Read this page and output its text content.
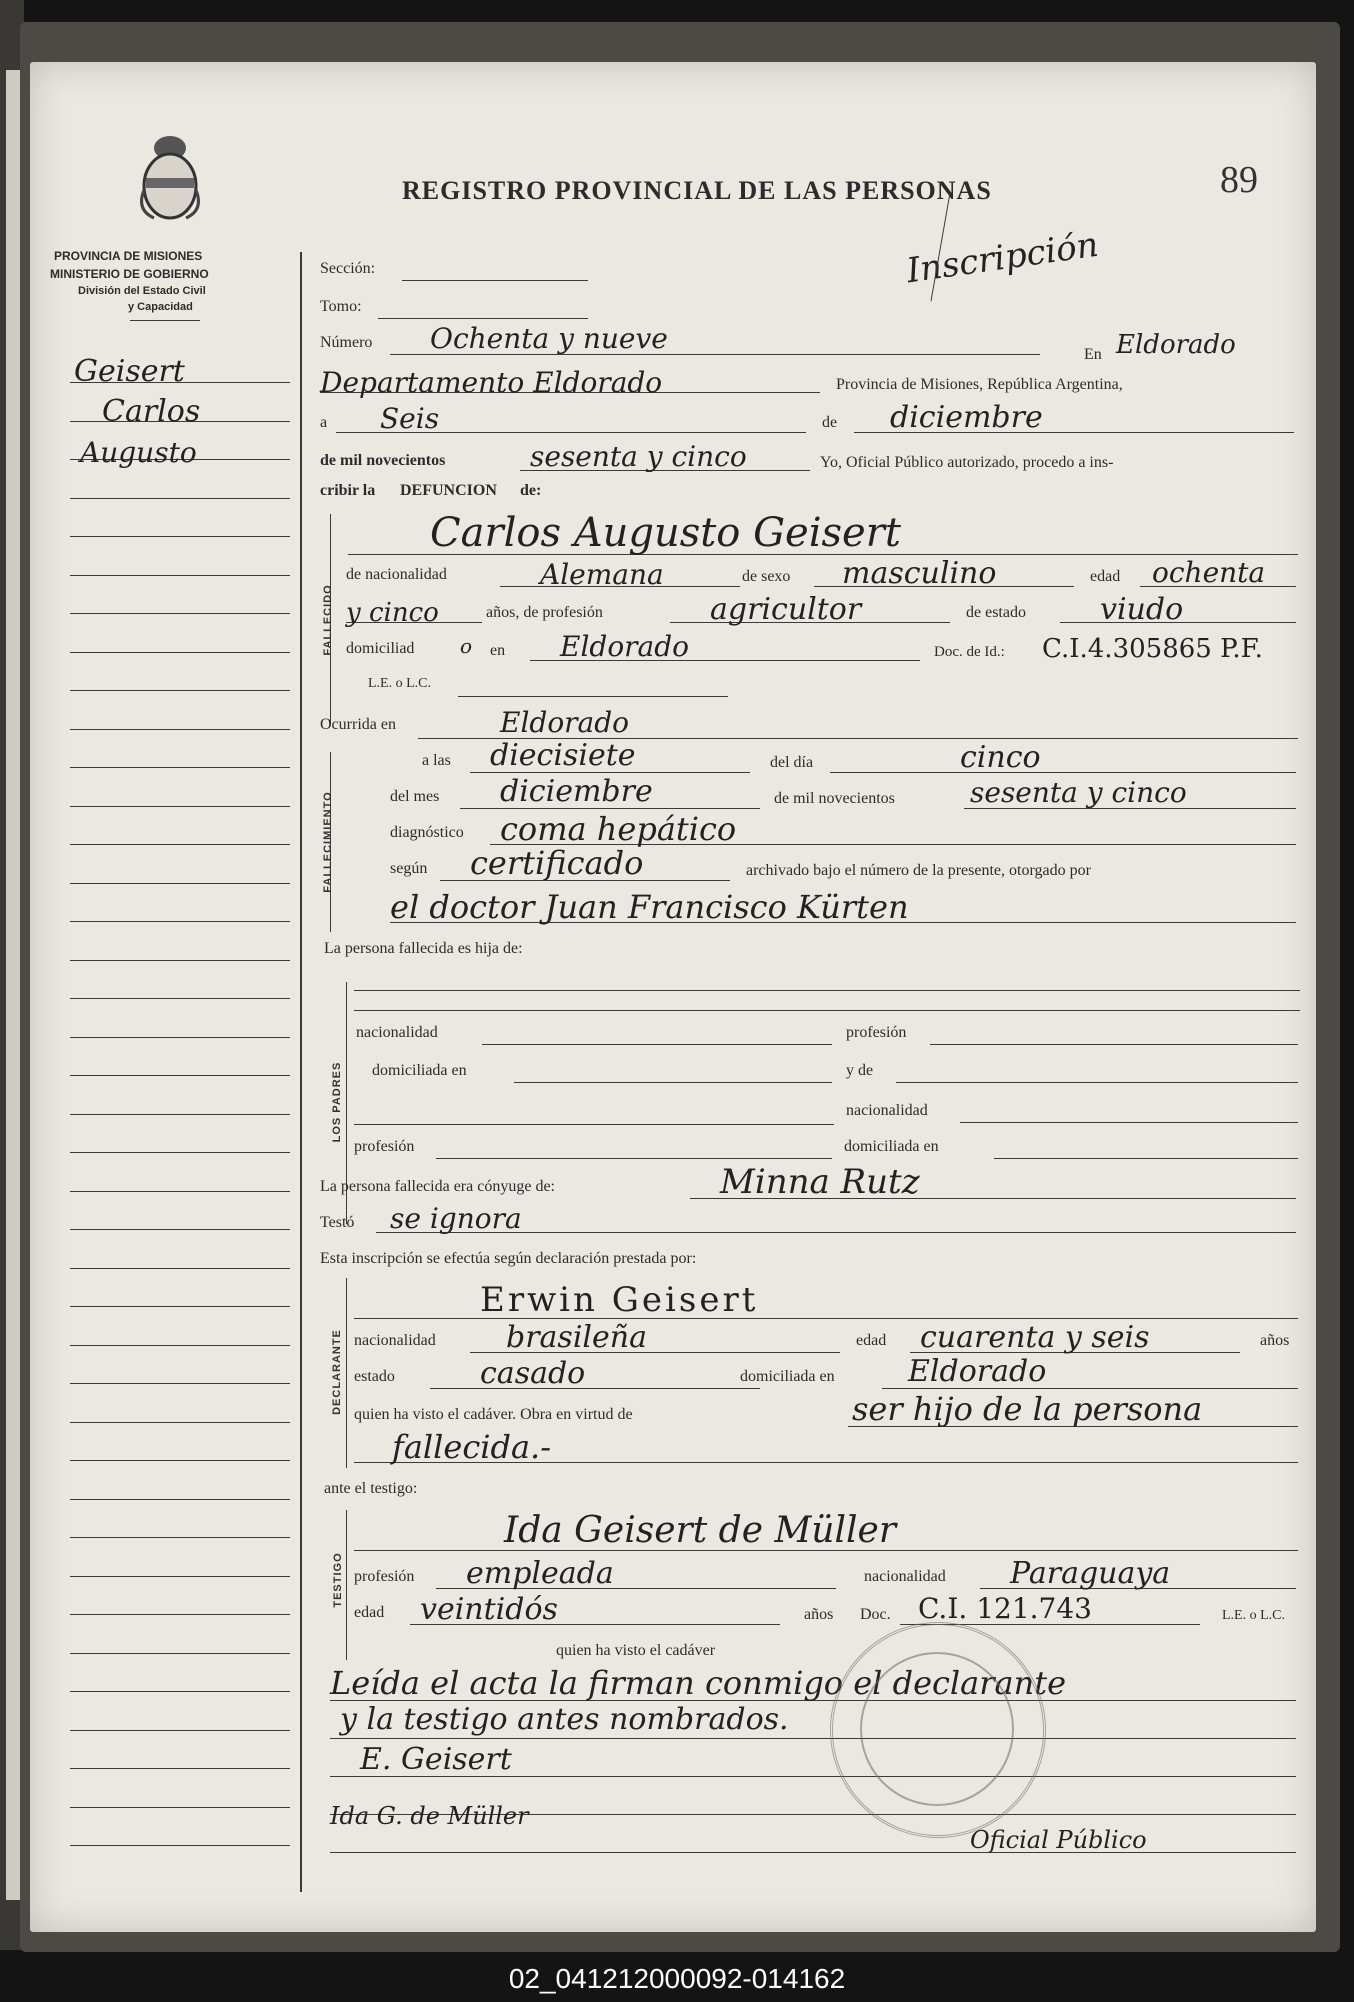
PROVINCIA DE MISIONES
MINISTERIO DE GOBIERNO
División del Estado Civil
y Capacidad
REGISTRO PROVINCIAL DE LAS PERSONAS	89
Inscripción
Geisert
Carlos
Augusto
Sección:
Tomo:
Número Ochenta y nueve	En Eldorado
Departamento Eldorado	Provincia de Misiones, República Argentina,
a Seis	de diciembre
de mil novecientos	sesenta y cinco	Yo, Oficial Público autorizado, procedo a ins-
cribir la DEFUNCION de:
FALLECIDO
Carlos Augusto Geisert
de nacionalidad	Alemana	de sexo masculino	edad ochenta
y cinco	años, de profesión	agricultor	de estado viudo
domiciliad o en Eldorado	Doc. de Id.: C.I.4.305865 P.F.
L.E. o L.C.
Ocurrida en	Eldorado
FALLECIMIENTO
a las diecisiete	del día	cinco
del mes diciembre	de mil novecientos	sesenta y cinco
diagnóstico coma hepático
según certificado	archivado bajo el número de la presente, otorgado por
el doctor Juan Francisco Kürten
La persona fallecida es hija de:
LOS PADRES
nacionalidad	profesión
domiciliada en	y de
nacionalidad
profesión	domiciliada en
La persona fallecida era cónyuge de:	Minna Rutz
Testó se ignora
Esta inscripción se efectúa según declaración prestada por:
DECLARANTE
Erwin Geisert
nacionalidad brasileña	edad cuarenta y seis	años
estado	casado	domiciliada en Eldorado
quien ha visto el cadáver. Obra en virtud de	ser hijo de la persona
fallecida.-
ante el testigo:
TESTIGO
Ida Geisert de Müller
profesión empleada	nacionalidad Paraguaya
edad veintidós	años Doc. C.I. 121.743	L.E. o L.C.
quien ha visto el cadáver
Leída el acta la firman conmigo el declarante
y la testigo antes nombrados.
E. Geisert
Ida G. de Müller
Oficial Público
02_041212000092-014162
